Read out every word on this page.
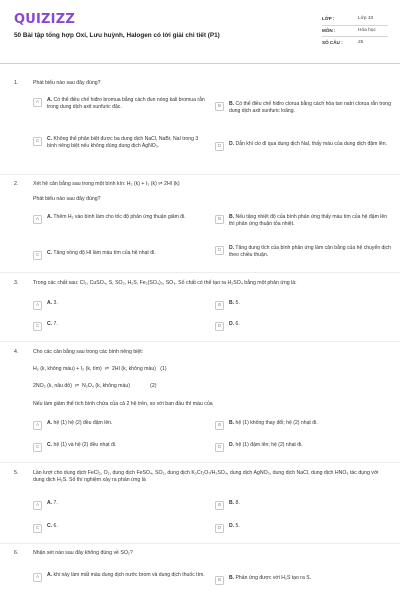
QUIZIZZ
50 Bài tập tổng hợp Oxi, Lưu huỳnh, Halogen có lời giải chi tiết (P1)
LỚP :	Lớp 10
MÔN :	Hóa học
SỐ CÂU :	25
1.	Phát biểu nào sau đây đúng?
A	A. Có thể điều chế hiđro bromua bằng cách đun nóng kali bromua rắn trong dung dịch axit sunfuric đặc.	B	B. Có thể điều chế hiđro clorua bằng cách hòa tan natri clorua rắn trong dung dịch axit sunfuric loãng.
C	C. Không thể phân biệt được ba dung dịch NaCl, NaBr, NaI trong 3 bình riêng biệt nếu không dùng dung dịch AgNO₃.	D	D. Dẫn khí clo đi qua dung dịch NaI, thấy màu của dung dịch đậm lên.
2.	Xét hệ cân bằng sau trong một bình kín: H₂ (k) + I₂ (k) ⇌ 2HI (k)
Phát biểu nào sau đây đúng?
A	A. Thêm H₂ vào bình làm cho tốc độ phản ứng thuận giảm đi.	B	B. Nếu tăng nhiệt độ của bình phản ứng thấy màu tím của hệ đậm lên thì phản ứng thuận tỏa nhiệt.
C	C. Tăng nồng độ HI làm màu tím của hệ nhạt đi.
D	D. Tăng dung tích của bình phản ứng làm cân bằng của hệ chuyển dịch theo chiều thuận.
3.	Trong các chất sau: Cl₂, CuSO₄, S, SO₂, H₂S, Fe₂(SO₄)₃, SO₃. Số chất có thể tạo ra H₂SO₄ bằng một phản ứng là:
A	A. 3.	B	B. 5.
C	C. 7.	D	D. 6.
4.	Cho các cân bằng sau trong các bình riêng biệt:
H₂ (k, không màu) + I₂ (k, tím)  ⇌  2HI (k, không màu)   (1)
2NO₂ (k, nâu đỏ)  ⇌  N₂O₄ (k, không màu)              (2)
Nếu làm giảm thể tích bình chứa của cả 2 hệ trên, so với ban đầu thì màu của
A	A. hệ (1) hệ (2) đều đậm lên.	B	B. hệ (1) không thay đổi; hệ (2) nhạt đi.
C	C. hệ (1) và hệ (2) đều nhạt đi.	D	D. hệ (1) đậm lên; hệ (2) nhạt đi.
5.	Lần lượt cho dung dịch FeCl₂, O₂, dung dịch FeSO₄, SO₂, dung dịch K₂Cr₂O₇/H₂SO₄, dung dịch AgNO₃, dung dịch NaCl, dung dịch HNO₃ tác dụng với dung dịch H₂S. Số thí nghiệm xảy ra phản ứng là
A	A. 7.	B	B. 8.
C	C. 6.	D	D. 5.
6.	Nhận xét nào sau đây không đúng về SO₂?
A	A. khi này làm mất màu dung dịch nước brom và dung dịch thuốc tím.
B	B. Phản ứng được với H₂S tạo ra S.
